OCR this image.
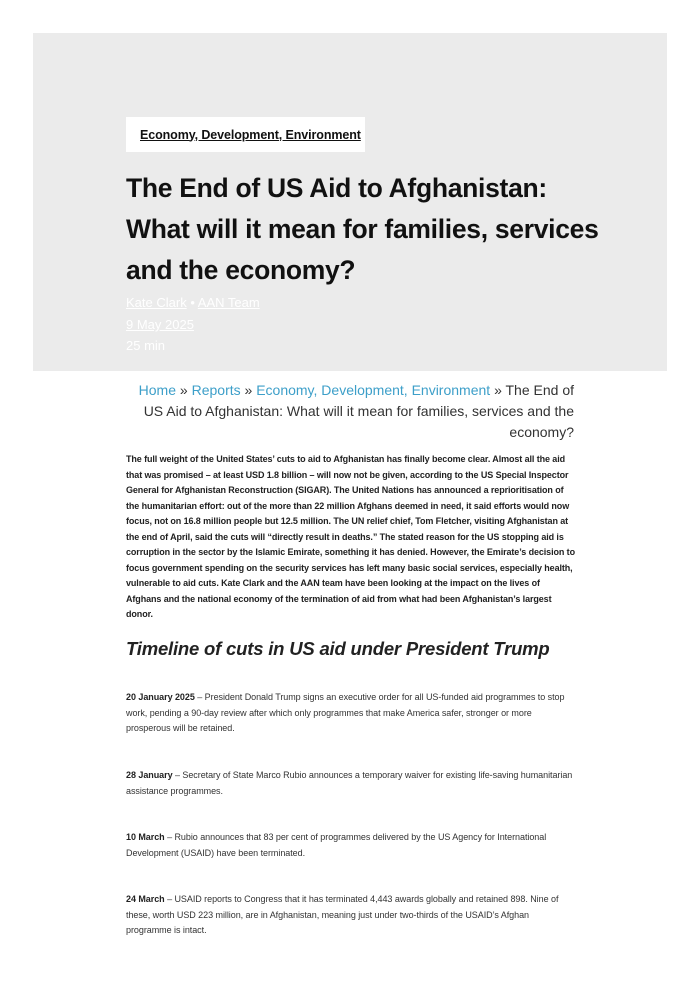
Economy, Development, Environment
The End of US Aid to Afghanistan: What will it mean for families, services and the economy?
Kate Clark • AAN Team
9 May 2025
25 min
Home » Reports » Economy, Development, Environment » The End of US Aid to Afghanistan: What will it mean for families, services and the economy?

The full weight of the United States’ cuts to aid to Afghanistan has finally become clear. Almost all the aid that was promised – at least USD 1.8 billion – will now not be given, according to the US Special Inspector General for Afghanistan Reconstruction (SIGAR). The United Nations has announced a reprioritisation of the humanitarian effort: out of the more than 22 million Afghans deemed in need, it said efforts would now focus, not on 16.8 million people but 12.5 million. The UN relief chief, Tom Fletcher, visiting Afghanistan at the end of April, said the cuts will “directly result in deaths.” The stated reason for the US stopping aid is corruption in the sector by the Islamic Emirate, something it has denied. However, the Emirate’s decision to focus government spending on the security services has left many basic social services, especially health, vulnerable to aid cuts. Kate Clark and the AAN team have been looking at the impact on the lives of Afghans and the national economy of the termination of aid from what had been Afghanistan’s largest donor.

Timeline of cuts in US aid under President Trump

20 January 2025 – President Donald Trump signs an executive order for all US-funded aid programmes to stop work, pending a 90-day review after which only programmes that make America safer, stronger or more prosperous will be retained.

28 January – Secretary of State Marco Rubio announces a temporary waiver for existing life-saving humanitarian assistance programmes.

10 March – Rubio announces that 83 per cent of programmes delivered by the US Agency for International Development (USAID) have been terminated.

24 March – USAID reports to Congress that it has terminated 4,443 awards globally and retained 898. Nine of these, worth USD 223 million, are in Afghanistan, meaning just under two-thirds of the USAID’s Afghan programme is intact.
